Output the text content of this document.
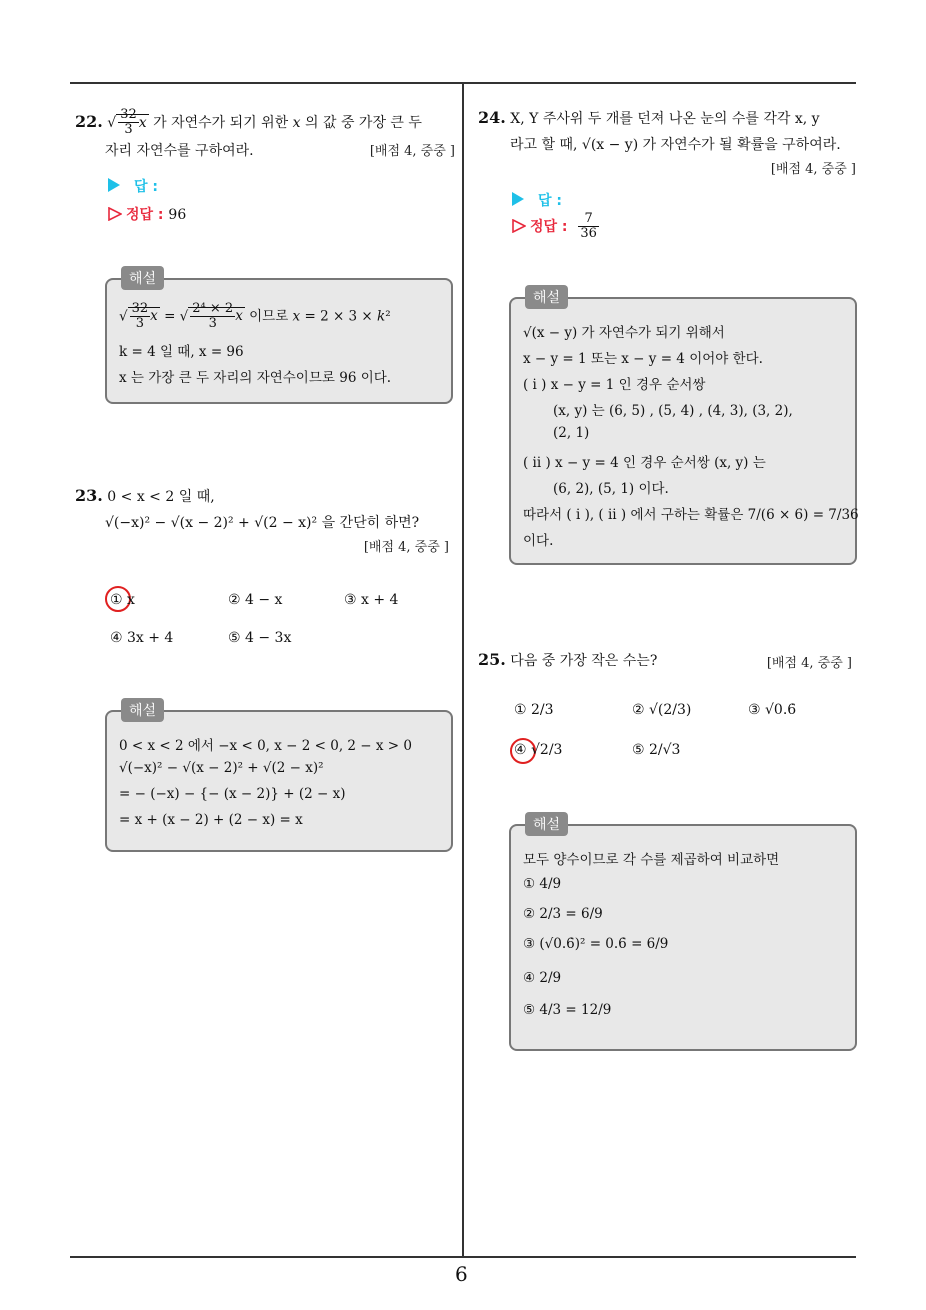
6
22. √ $\frac{32}{3}$ x 가 자연수가 되기 위한 x 의 값 중 가장 큰 두
자리 자연수를 구하여라.	[배점 4, 중중 ]
답 :
정답 : 96
해설
√ $\frac{32}{3}$ x = √ $\frac{\text{2⁴ × 2}}{3}$ x 이므로 x = 2 × 3 × k²
k = 4 일 때, x = 96
x 는 가장 큰 두 자리의 자연수이므로 96 이다.
23. 0 < x < 2 일 때,
√(−x)² − √(x − 2)² + √(2 − x)² 을 간단히 하면?
[배점 4, 중중 ]
① x	② 4 − x	③ x + 4
④ 3x + 4	⑤ 4 − 3x
해설
0 < x < 2 에서 −x < 0, x − 2 < 0, 2 − x > 0
√(−x)² − √(x − 2)² + √(2 − x)²
= − (−x) − {− (x − 2)} + (2 − x)
= x + (x − 2) + (2 − x) = x
24. X, Y 주사위 두 개를 던져 나온 눈의 수를 각각 x, y
라고 할 때, √(x − y) 가 자연수가 될 확률을 구하여라.
[배점 4, 중중 ]
답 :
정답 : $\frac{7}{36}$
해설
√(x − y) 가 자연수가 되기 위해서
x − y = 1 또는 x − y = 4 이어야 한다.
( i ) x − y = 1 인 경우 순서쌍
(x, y) 는 (6, 5) , (5, 4) , (4, 3), (3, 2),
(2, 1)
( ii ) x − y = 4 인 경우 순서쌍 (x, y) 는
(6, 2), (5, 1) 이다.
따라서 ( i ), ( ii ) 에서 구하는 확률은 7/(6 × 6) = 7/36
이다.
25. 다음 중 가장 작은 수는?	[배점 4, 중중 ]
① 2/3	② √(2/3)	③ √0.6̇
④ √2/3	⑤ 2/√3
해설
모두 양수이므로 각 수를 제곱하여 비교하면
① 4/9
② 2/3 = 6/9
③ (√0.6̇)² = 0.6̇ = 6/9
④ 2/9
⑤ 4/3 = 12/9
